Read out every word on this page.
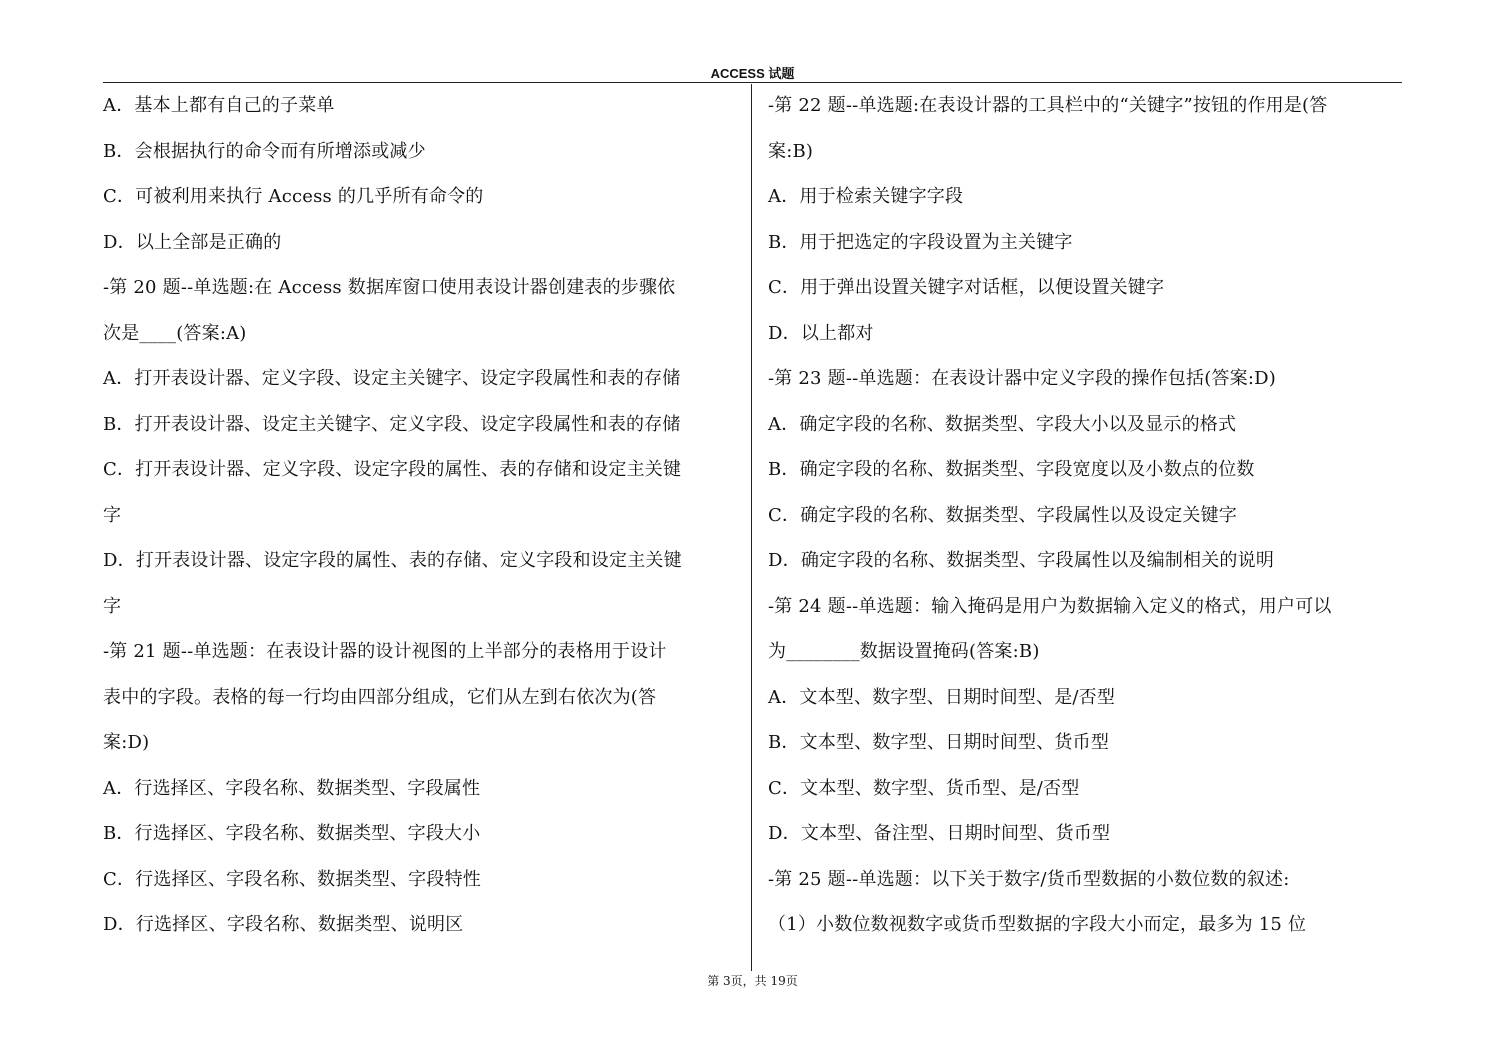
ACCESS 试题
A．基本上都有自己的子菜单
B．会根据执行的命令而有所增添或减少
C．可被利用来执行 Access 的几乎所有命令的
D．以上全部是正确的
-第 20 题--单选题:在 Access 数据库窗口使用表设计器创建表的步骤依
次是____(答案:A)
A．打开表设计器、定义字段、设定主关键字、设定字段属性和表的存储
B．打开表设计器、设定主关键字、定义字段、设定字段属性和表的存储
C．打开表设计器、定义字段、设定字段的属性、表的存储和设定主关键
字
D．打开表设计器、设定字段的属性、表的存储、定义字段和设定主关键
字
-第 21 题--单选题：在表设计器的设计视图的上半部分的表格用于设计
表中的字段。表格的每一行均由四部分组成，它们从左到右依次为(答
案:D)
A．行选择区、字段名称、数据类型、字段属性
B．行选择区、字段名称、数据类型、字段大小
C．行选择区、字段名称、数据类型、字段特性
D．行选择区、字段名称、数据类型、说明区
-第 22 题--单选题:在表设计器的工具栏中的“关键字”按钮的作用是(答
案:B)
A．用于检索关键字字段
B．用于把选定的字段设置为主关键字
C．用于弹出设置关键字对话框，以便设置关键字
D．以上都对
-第 23 题--单选题：在表设计器中定义字段的操作包括(答案:D)
A．确定字段的名称、数据类型、字段大小以及显示的格式
B．确定字段的名称、数据类型、字段宽度以及小数点的位数
C．确定字段的名称、数据类型、字段属性以及设定关键字
D．确定字段的名称、数据类型、字段属性以及编制相关的说明
-第 24 题--单选题：输入掩码是用户为数据输入定义的格式，用户可以
为________数据设置掩码(答案:B)
A．文本型、数字型、日期时间型、是/否型
B．文本型、数字型、日期时间型、货币型
C．文本型、数字型、货币型、是/否型
D．文本型、备注型、日期时间型、货币型
-第 25 题--单选题：以下关于数字/货币型数据的小数位数的叙述:
（1）小数位数视数字或货币型数据的字段大小而定，最多为 15 位
第 3页，共 19页
